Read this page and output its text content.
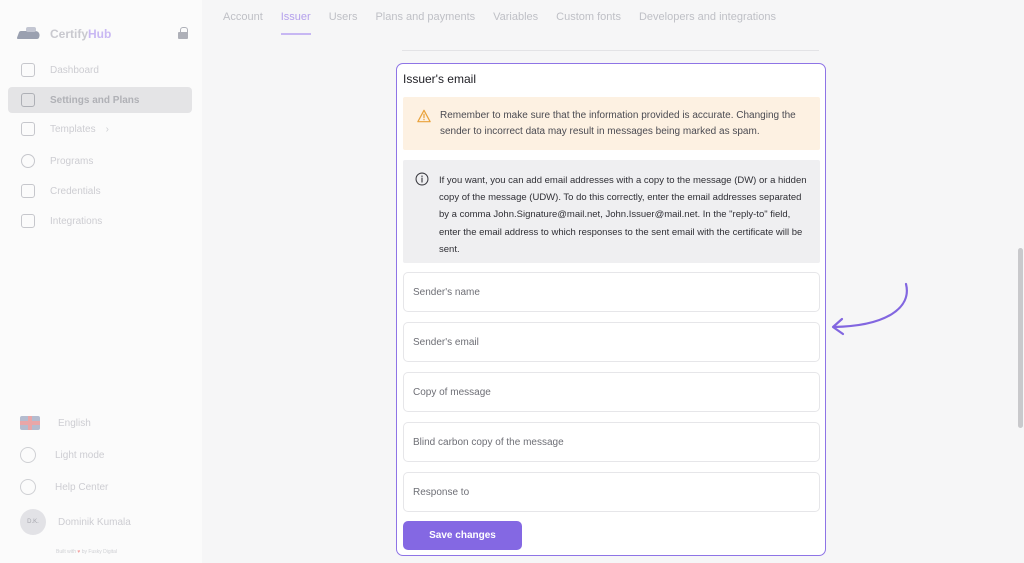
CertifyHub
Dashboard
Settings and Plans
Templates ›
Programs
Credentials
Integrations
English
Light mode
Help Center
D.K.	Dominik Kumala
Built with ♥ by Fusky Digital
Account Issuer Users Plans and payments Variables Custom fonts Developers and integrations
Issuer's email
Remember to make sure that the information provided is accurate. Changing the sender to incorrect data may result in messages being marked as spam.
If you want, you can add email addresses with a copy to the message (DW) or a hidden copy of the message (UDW). To do this correctly, enter the email addresses separated by a comma John.Signature@mail.net, John.Issuer@mail.net. In the "reply-to" field, enter the email address to which responses to the sent email with the certificate will be sent.
Sender's name
Sender's email
Copy of message
Blind carbon copy of the message
Response to
Save changes
